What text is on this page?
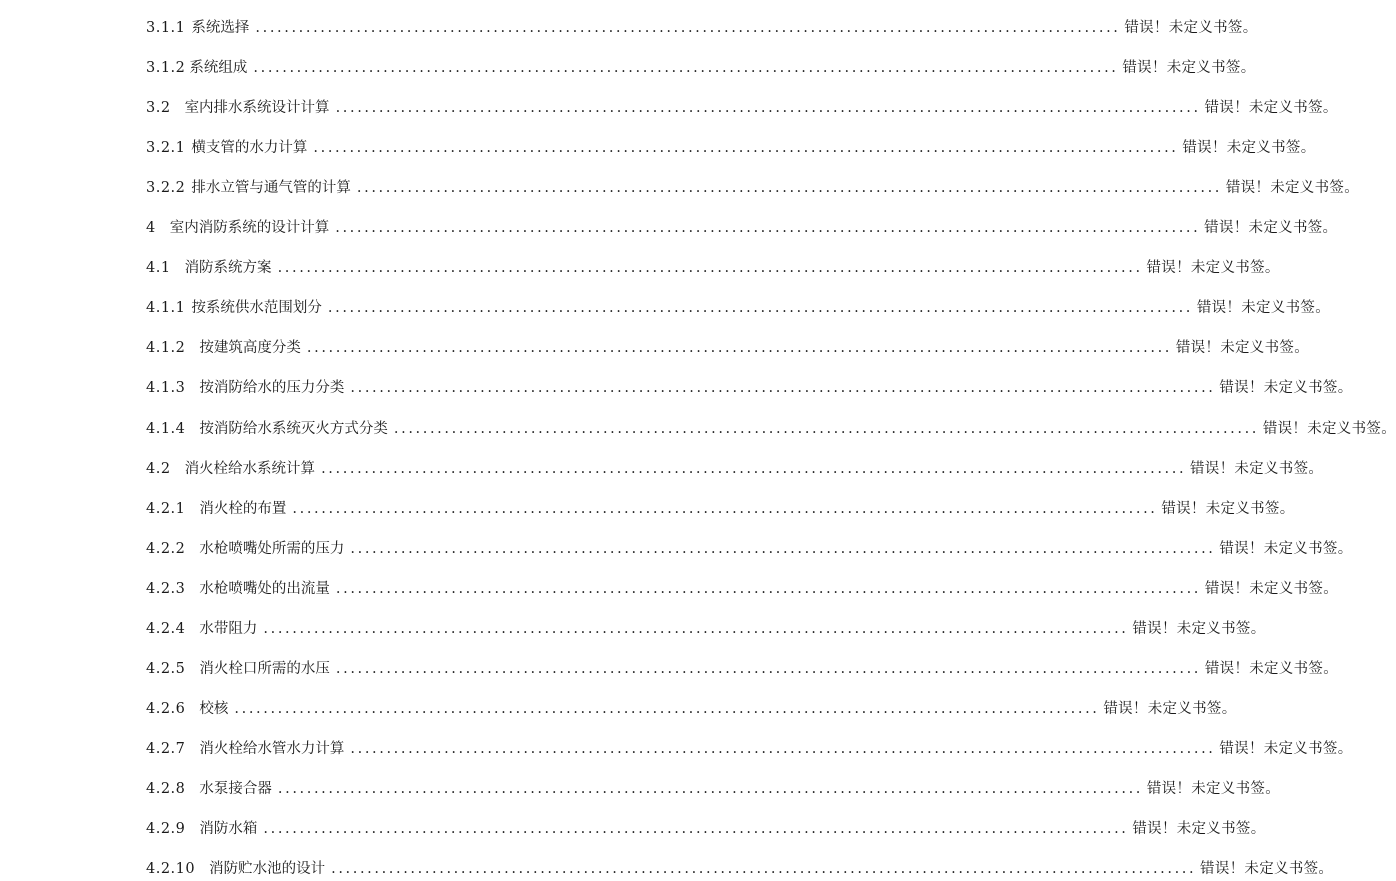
3.1.1 系统选择 ........................................................................................................................ 错误！未定义书签。
3.1.2 系统组成 ........................................................................................................................ 错误！未定义书签。
3.2 室内排水系统设计计算 ........................................................................................................................ 错误！未定义书签。
3.2.1 横支管的水力计算 ........................................................................................................................ 错误！未定义书签。
3.2.2 排水立管与通气管的计算 ........................................................................................................................ 错误！未定义书签。
4 室内消防系统的设计计算 ........................................................................................................................ 错误！未定义书签。
4.1 消防系统方案 ........................................................................................................................ 错误！未定义书签。
4.1.1 按系统供水范围划分 ........................................................................................................................ 错误！未定义书签。
4.1.2 按建筑高度分类 ........................................................................................................................ 错误！未定义书签。
4.1.3 按消防给水的压力分类 ........................................................................................................................ 错误！未定义书签。
4.1.4 按消防给水系统灭火方式分类 ........................................................................................................................ 错误！未定义书签。
4.2 消火栓给水系统计算 ........................................................................................................................ 错误！未定义书签。
4.2.1 消火栓的布置 ........................................................................................................................ 错误！未定义书签。
4.2.2 水枪喷嘴处所需的压力 ........................................................................................................................ 错误！未定义书签。
4.2.3 水枪喷嘴处的出流量 ........................................................................................................................ 错误！未定义书签。
4.2.4 水带阻力 ........................................................................................................................ 错误！未定义书签。
4.2.5 消火栓口所需的水压 ........................................................................................................................ 错误！未定义书签。
4.2.6 校核 ........................................................................................................................ 错误！未定义书签。
4.2.7 消火栓给水管水力计算 ........................................................................................................................ 错误！未定义书签。
4.2.8 水泵接合器 ........................................................................................................................ 错误！未定义书签。
4.2.9 消防水箱 ........................................................................................................................ 错误！未定义书签。
4.2.10 消防贮水池的设计 ........................................................................................................................ 错误！未定义书签。
